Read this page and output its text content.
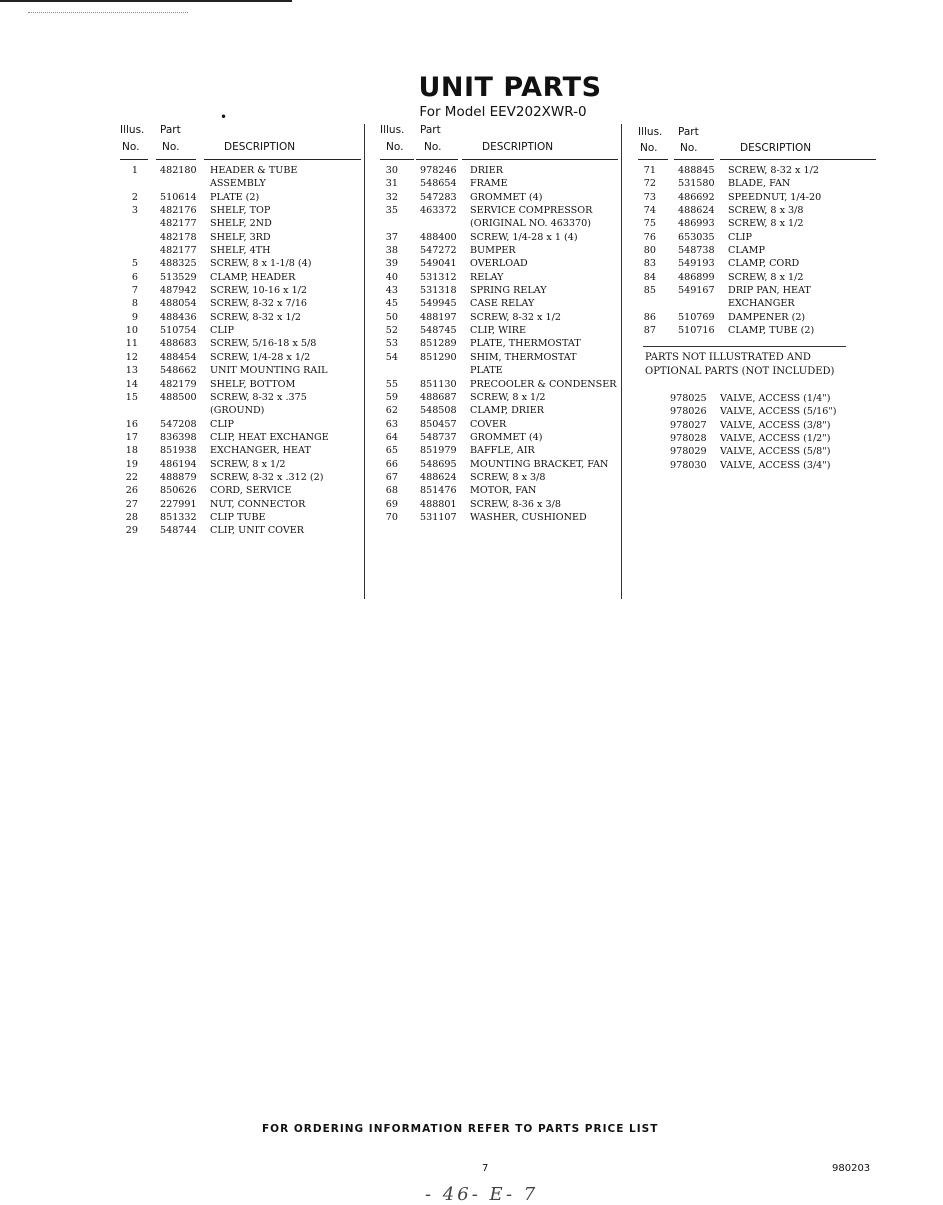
UNIT PARTS
For Model EEV202XWR-0
•
Illus. Part
No. No.	DESCRIPTION
1 482180 HEADER & TUBE
ASSEMBLY
2 510614 PLATE (2)
3 482176 SHELF, TOP
482177 SHELF, 2ND
482178 SHELF, 3RD
482177 SHELF, 4TH
5 488325 SCREW, 8 x 1-1/8 (4)
6 513529 CLAMP, HEADER
7 487942 SCREW, 10-16 x 1/2
8 488054 SCREW, 8-32 x 7/16
9 488436 SCREW, 8-32 x 1/2
10 510754 CLIP
11 488683 SCREW, 5/16-18 x 5/8
12 488454 SCREW, 1/4-28 x 1/2
13 548662 UNIT MOUNTING RAIL
14 482179 SHELF, BOTTOM
15 488500 SCREW, 8-32 x .375
(GROUND)
16 547208 CLIP
17 836398 CLIP, HEAT EXCHANGE
18 851938 EXCHANGER, HEAT
19 486194 SCREW, 8 x 1/2
22 488879 SCREW, 8-32 x .312 (2)
26 850626 CORD, SERVICE
27 227991 NUT, CONNECTOR
28 851332 CLIP TUBE
29 548744 CLIP, UNIT COVER
Illus. Part
No. No.	DESCRIPTION
30 978246 DRIER
31 548654 FRAME
32 547283 GROMMET (4)
35 463372 SERVICE COMPRESSOR
(ORIGINAL NO. 463370)
37 488400 SCREW, 1/4-28 x 1 (4)
38 547272 BUMPER
39 549041 OVERLOAD
40 531312 RELAY
43 531318 SPRING RELAY
45 549945 CASE RELAY
50 488197 SCREW, 8-32 x 1/2
52 548745 CLIP, WIRE
53 851289 PLATE, THERMOSTAT
54 851290 SHIM, THERMOSTAT
PLATE
55 851130 PRECOOLER & CONDENSER
59 488687 SCREW, 8 x 1/2
62 548508 CLAMP, DRIER
63 850457 COVER
64 548737 GROMMET (4)
65 851979 BAFFLE, AIR
66 548695 MOUNTING BRACKET, FAN
67 488624 SCREW, 8 x 3/8
68 851476 MOTOR, FAN
69 488801 SCREW, 8-36 x 3/8
70 531107 WASHER, CUSHIONED
Illus. Part
No. No.	DESCRIPTION
71 488845 SCREW, 8-32 x 1/2
72 531580 BLADE, FAN
73 486692 SPEEDNUT, 1/4-20
74 488624 SCREW, 8 x 3/8
75 486993 SCREW, 8 x 1/2
76 653035 CLIP
80 548738 CLAMP
83 549193 CLAMP, CORD
84 486899 SCREW, 8 x 1/2
85 549167 DRIP PAN, HEAT
EXCHANGER
86 510769 DAMPENER (2)
87 510716 CLAMP, TUBE (2)
PARTS NOT ILLUSTRATED AND
OPTIONAL PARTS (NOT INCLUDED)
978025 VALVE, ACCESS (1/4")
978026 VALVE, ACCESS (5/16")
978027 VALVE, ACCESS (3/8")
978028 VALVE, ACCESS (1/2")
978029 VALVE, ACCESS (5/8")
978030 VALVE, ACCESS (3/4")
FOR ORDERING INFORMATION REFER TO PARTS PRICE LIST
7	980203
- 46- E- 7
